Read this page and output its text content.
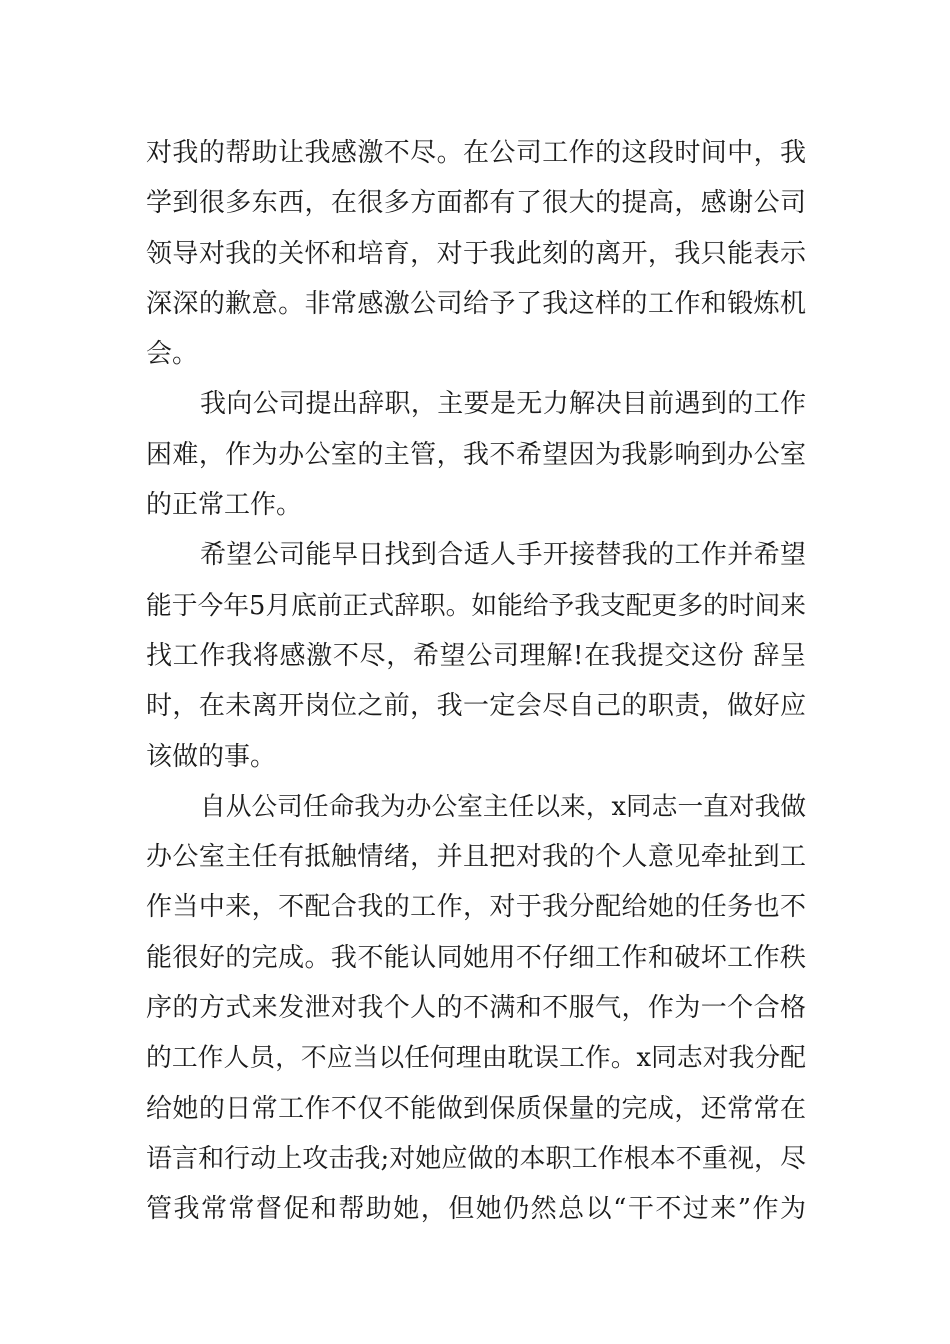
对我的帮助让我感激不尽。在公司工作的这段时间中，我
学到很多东西，在很多方面都有了很大的提高，感谢公司
领导对我的关怀和培育，对于我此刻的离开，我只能表示
深深的歉意。非常感激公司给予了我这样的工作和锻炼机
会。
我向公司提出辞职，主要是无力解决目前遇到的工作
困难，作为办公室的主管，我不希望因为我影响到办公室
的正常工作。
希望公司能早日找到合适人手开接替我的工作并希望
能于今年5月底前正式辞职。如能给予我支配更多的时间来
找工作我将感激不尽，希望公司理解!在我提交这份 辞呈
时，在未离开岗位之前，我一定会尽自己的职责，做好应
该做的事。
自从公司任命我为办公室主任以来，x同志一直对我做
办公室主任有抵触情绪，并且把对我的个人意见牵扯到工
作当中来，不配合我的工作，对于我分配给她的任务也不
能很好的完成。我不能认同她用不仔细工作和破坏工作秩
序的方式来发泄对我个人的不满和不服气，作为一个合格
的工作人员，不应当以任何理由耽误工作。x同志对我分配
给她的日常工作不仅不能做到保质保量的完成，还常常在
语言和行动上攻击我;对她应做的本职工作根本不重视，尽
管我常常督促和帮助她，但她仍然总以“干不过来”作为
